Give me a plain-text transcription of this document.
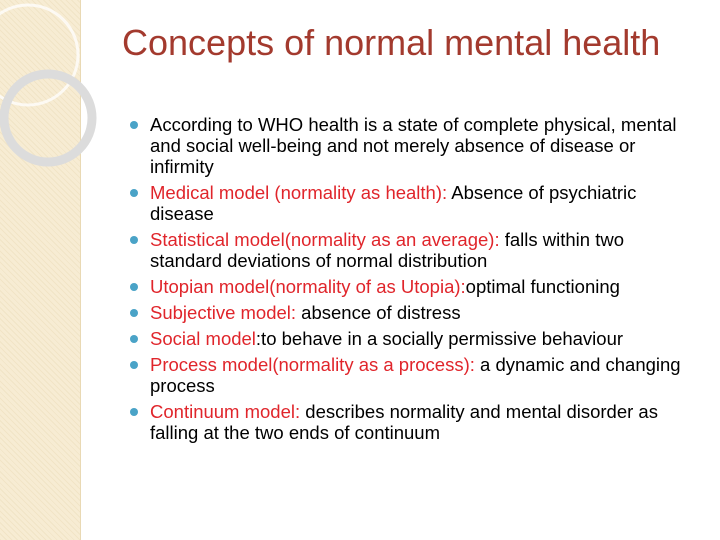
Concepts of normal mental health
According to WHO health is a state of complete physical, mental and social well-being and not merely absence of disease or infirmity
Medical model (normality as health): Absence of psychiatric disease
Statistical model(normality as an average): falls within two standard deviations of normal distribution
Utopian model(normality of as Utopia):optimal functioning
Subjective model: absence of distress
Social model:to behave in a socially permissive behaviour
Process model(normality as a process): a dynamic and changing process
Continuum model: describes normality and mental disorder as falling at the two ends of continuum
